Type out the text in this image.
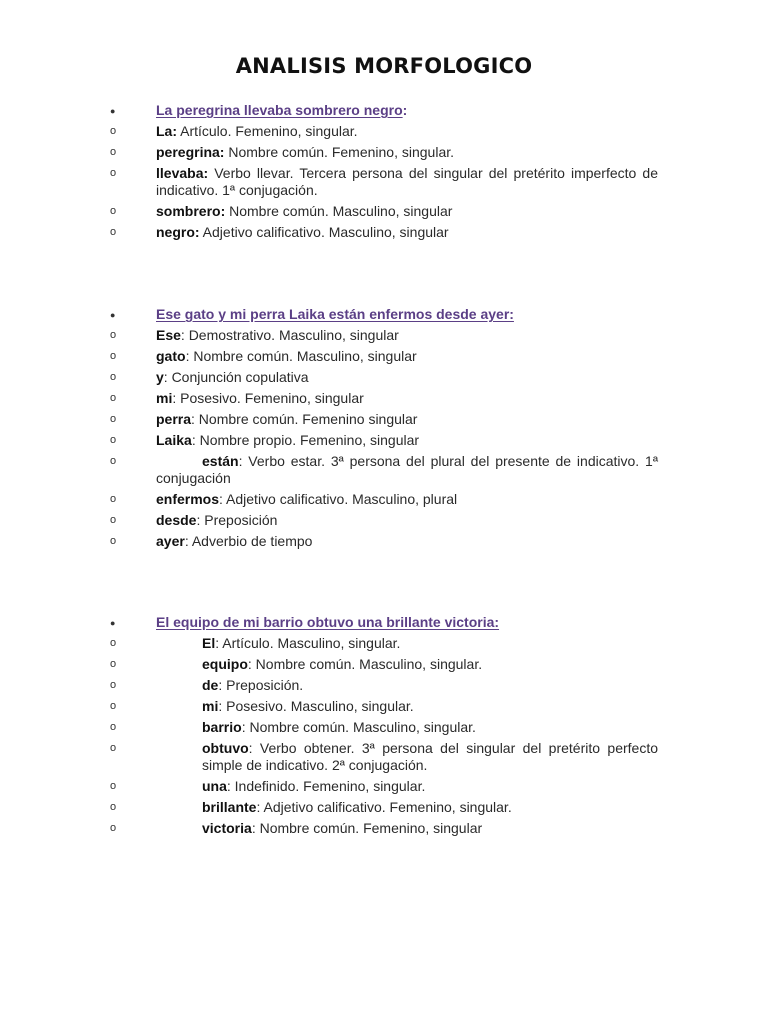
ANALISIS MORFOLOGICO
●	La peregrina llevaba sombrero negro:
o	La: Artículo. Femenino, singular.
o	peregrina: Nombre común. Femenino, singular.
o	llevaba: Verbo llevar. Tercera persona del singular del pretérito imperfecto de indicativo. 1ª conjugación.
o	sombrero: Nombre común. Masculino, singular
o	negro: Adjetivo calificativo. Masculino, singular
●	Ese gato y mi perra Laika están enfermos desde ayer:
o	Ese: Demostrativo. Masculino, singular
o	gato: Nombre común. Masculino, singular
o	y: Conjunción copulativa
o	mi: Posesivo. Femenino, singular
o	perra: Nombre común. Femenino singular
o	Laika: Nombre propio. Femenino, singular
o	están: Verbo estar. 3ª persona del plural del presente de indicativo. 1ª conjugación
o	enfermos: Adjetivo calificativo. Masculino, plural
o	desde: Preposición
o	ayer: Adverbio de tiempo
●	El equipo de mi barrio obtuvo una brillante victoria:
o	El: Artículo. Masculino, singular.
o	equipo: Nombre común. Masculino, singular.
o	de: Preposición.
o	mi: Posesivo. Masculino, singular.
o	barrio: Nombre común. Masculino, singular.
o	obtuvo: Verbo obtener. 3ª persona del singular del pretérito perfecto simple de indicativo. 2ª conjugación.
o	una: Indefinido. Femenino, singular.
o	brillante: Adjetivo calificativo. Femenino, singular.
o	victoria: Nombre común. Femenino, singular
